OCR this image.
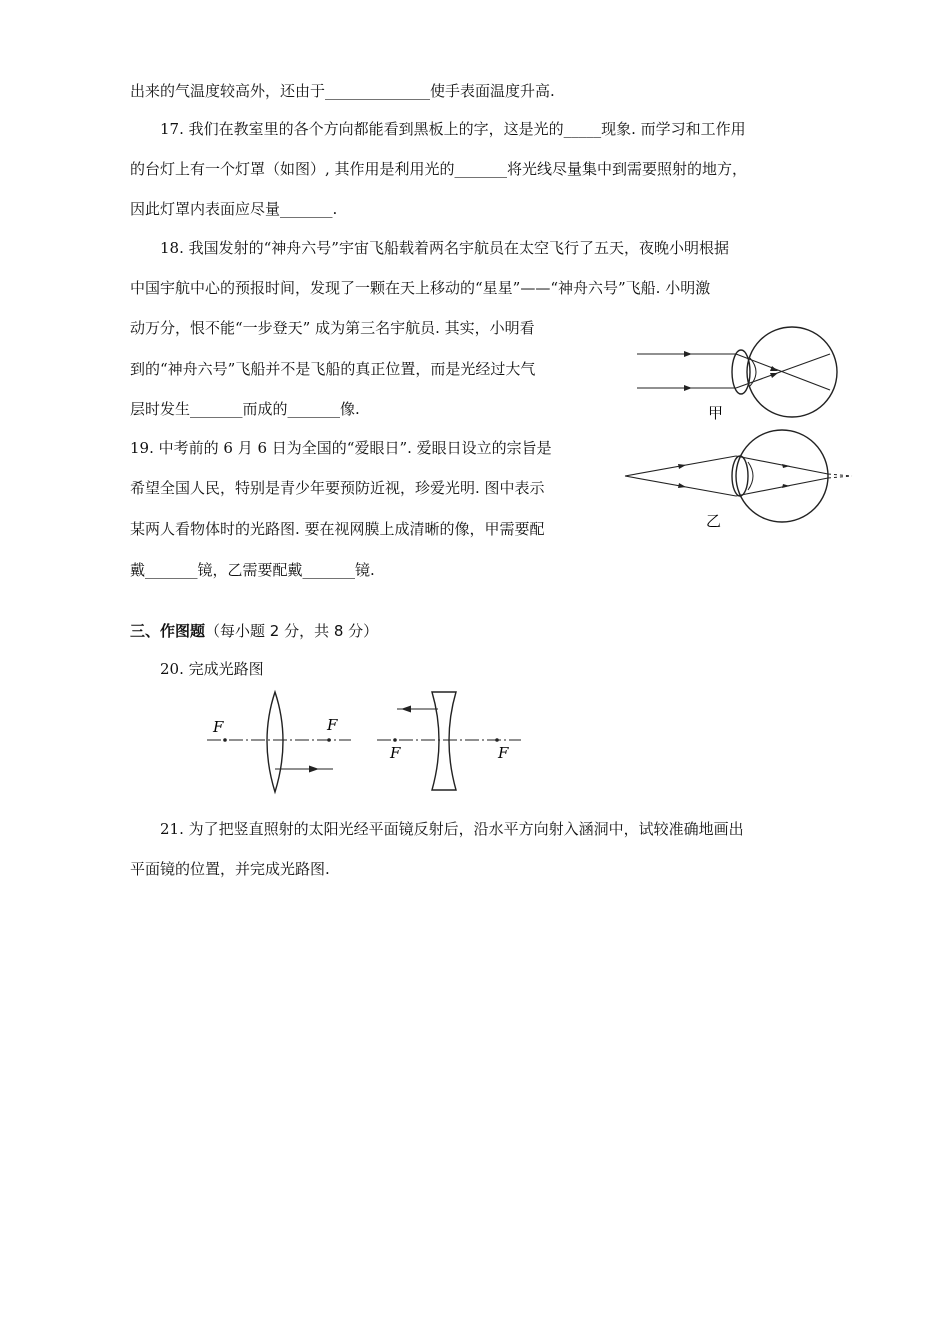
出来的气温度较高外，还由于______________使手表面温度升高.
17. 我们在教室里的各个方向都能看到黑板上的字，这是光的_____现象. 而学习和工作用
的台灯上有一个灯罩（如图）, 其作用是利用光的_______将光线尽量集中到需要照射的地方，
因此灯罩内表面应尽量_______.
18. 我国发射的“神舟六号”宇宙飞船载着两名宇航员在太空飞行了五天，夜晚小明根据
中国宇航中心的预报时间，发现了一颗在天上移动的“星星”——“神舟六号”飞船. 小明激
动万分，恨不能“一步登天” 成为第三名宇航员. 其实，小明看
到的“神舟六号”飞船并不是飞船的真正位置，而是光经过大气
层时发生_______而成的_______像.
19. 中考前的 6 月 6 日为全国的“爱眼日”. 爱眼日设立的宗旨是
希望全国人民，特别是青少年要预防近视，珍爱光明. 图中表示
某两人看物体时的光路图. 要在视网膜上成清晰的像，甲需要配
戴_______镜，乙需要配戴_______镜.
三、作图题（每小题 2 分，共 8 分）
20. 完成光路图
21. 为了把竖直照射的太阳光经平面镜反射后，沿水平方向射入涵洞中，试较准确地画出
平面镜的位置，并完成光路图.
甲
乙
F	F
F	F
